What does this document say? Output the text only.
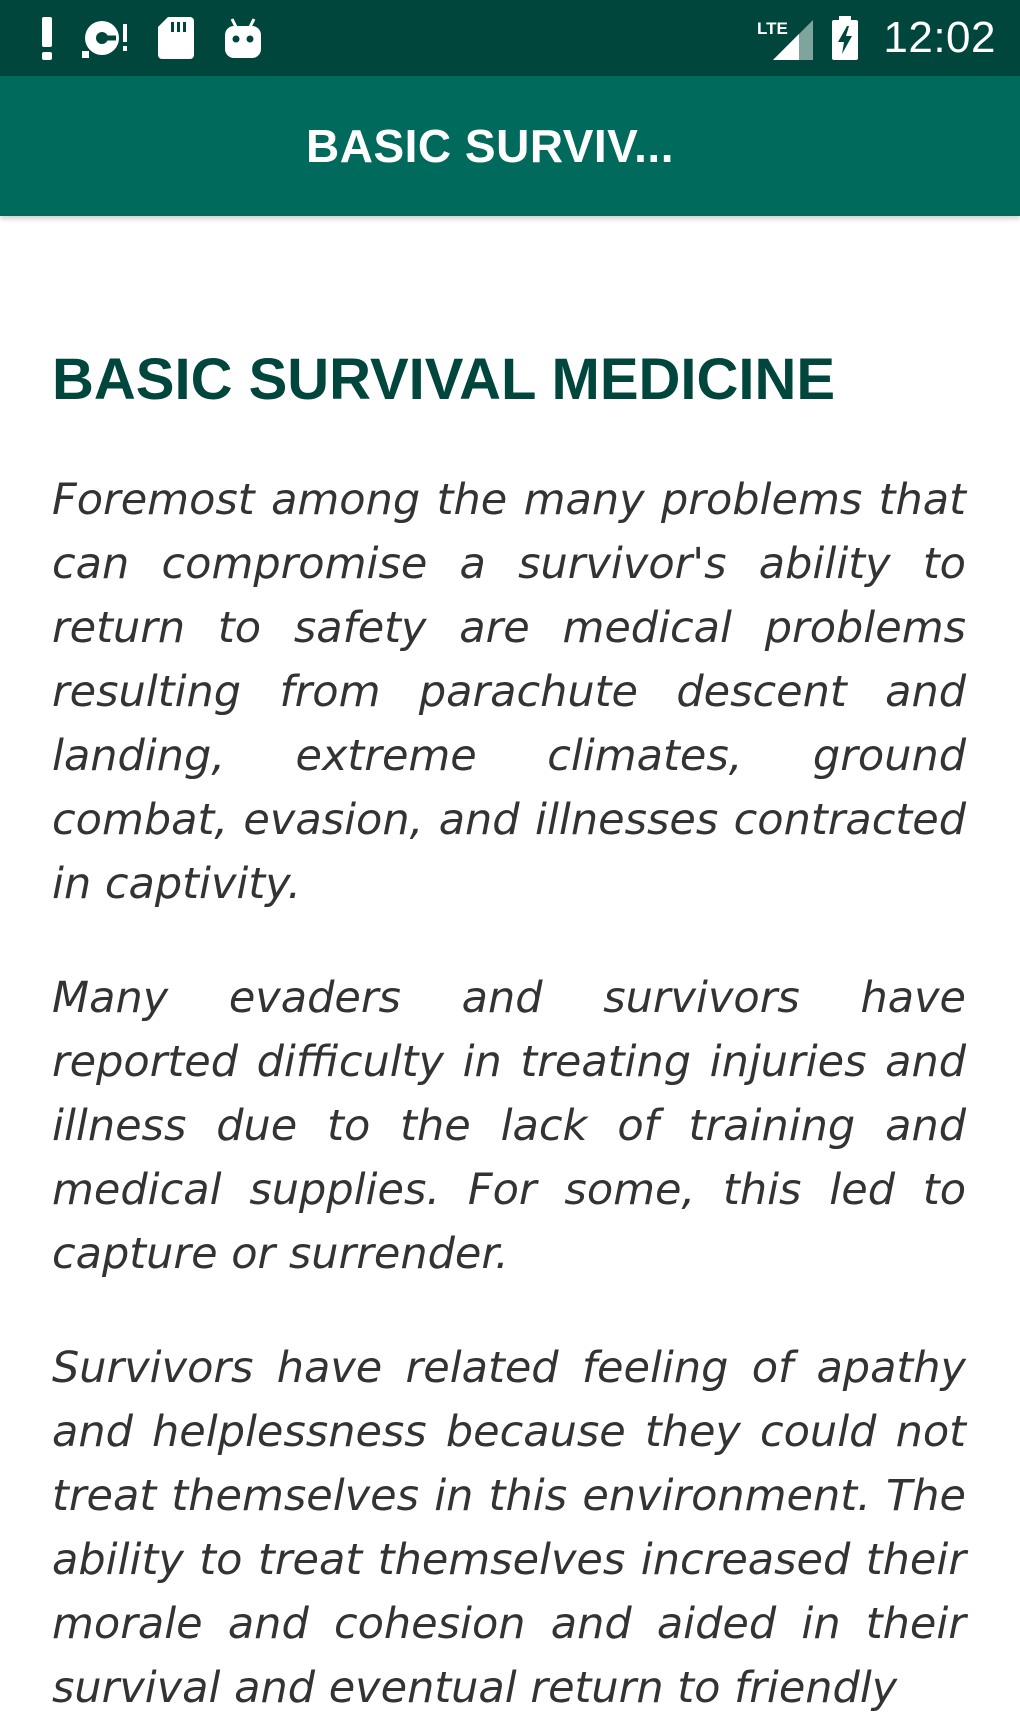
LTE 12:02
BASIC SURVIV...
BASIC SURVIVAL MEDICINE

Foremost among the many problems that can compromise a survivor's ability to return to safety are medical problems resulting from parachute descent and landing, extreme climates, ground combat, evasion, and illnesses contracted in captivity.

Many evaders and survivors have reported difficulty in treating injuries and illness due to the lack of training and medical supplies. For some, this led to capture or surrender.

Survivors have related feeling of apathy and helplessness because they could not treat themselves in this environment. The ability to treat themselves increased their morale and cohesion and aided in their survival and eventual return to friendly
